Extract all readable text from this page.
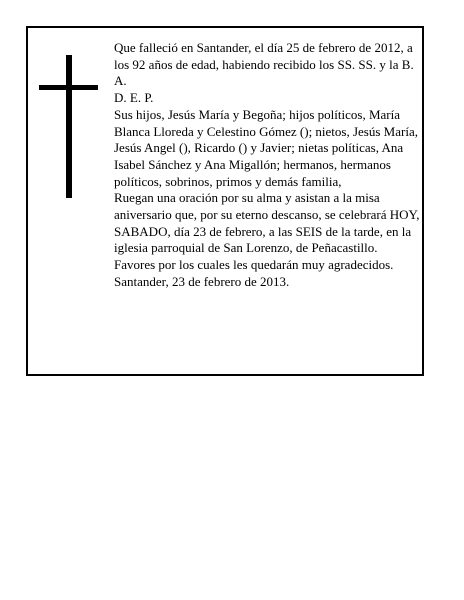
Que falleció en Santander, el día 25 de febrero de 2012, a los 92 años de edad, habiendo recibido los SS. SS. y la B. A.

D. E. P.

Sus hijos, Jesús María y Begoña; hijos políticos, María Blanca Lloreda y Celestino Gómez (); nietos, Jesús María, Jesús Angel (), Ricardo () y Javier; nietas políticas, Ana Isabel Sánchez y Ana Migallón; hermanos, hermanos políticos, sobrinos, primos y demás familia,

Ruegan una oración por su alma y asistan a la misa aniversario que, por su eterno descanso, se celebrará HOY, SABADO, día 23 de febrero, a las SEIS de la tarde, en la iglesia parroquial de San Lorenzo, de Peñacastillo. Favores por los cuales les quedarán muy agradecidos.

Santander, 23 de febrero de 2013.
